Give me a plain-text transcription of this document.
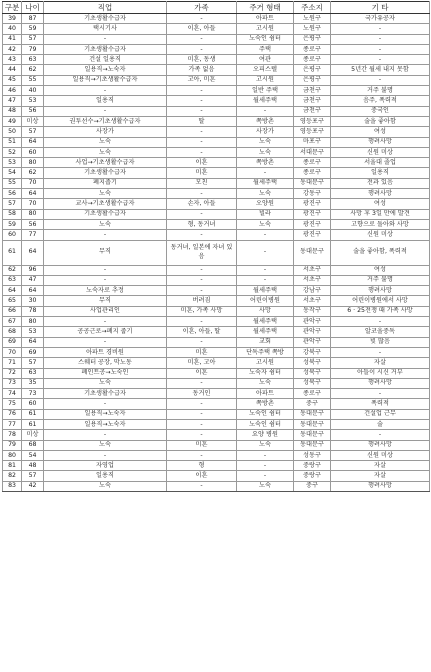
구분	나이	직업	가족	주거 형태	주소지	기 타
39	87	기초생활수급자	-	아파트	노원구	국가유공자
40	59	택시기사	이혼, 아들	고시원	노원구	-
41	57	-	-	노숙인 쉼터	은평구	-
42	79	기초생활수급자	-	주택	종로구	-
43	63	건설 일용직	미혼, 동생	여관	종로구	-
44	62	일용직→노숙자	가족 없음	오피스텔	은평구	5년간 월세 내지 못함
45	55	일용직→기초생활수급자	고아, 미혼	고시원	은평구	-
46	40	-	-	일반 주택	금천구	거주 불명
47	53	일용직	-	월세주택	금천구	음주, 폭력적
48	56	-	-	-	금천구	중국인
49	미상	권투선수→기초생활수급자	딸	쪽방촌	영등포구	술을 좋아함
50	57	사장가	-	사장가	영등포구	여성
51	64	노숙	-	노숙	마포구	행려사망
52	60	노숙	-	노숙	서대문구	신원 미상
53	80	사업→기초생활수급자	이혼	쪽방촌	종로구	서울대 졸업
54	62	기초생활수급자	미혼	-	종로구	일용직
55	70	폐지줍기	모친	월세주택	동대문구	전과 있음
56	64	노숙	-	노숙	강동구	행려사망
57	70	교사→기초생활수급자	손자, 아들	오양원	광진구	여성
58	80	기초생활수급자	-	빌라	광진구	사망 후 3일 만에 발견
59	56	노숙	형, 동거녀	노숙	광진구	고향으로 돌아와 사망
60	77	-	-	-	광진구	신원 미상
61	64	무직	동거녀, 일본에 자녀 있음	-	동대문구	술을 좋아함, 폭력적
62	96	-	-	-	서초구	여성
63	47	-	-	-	서초구	거주 불명
64	64	노숙자로 추정	-	월세주택	강남구	행려사망
65	30	무직	버려짐	어린이병원	서초구	어린이병원에서 사망
66	78	사업관리인	미혼, 가족 사망	사망	동작구	6 · 25전쟁 때 가족 사망
67	80	-	-	월세주택	관악구	-
68	53	공공근로→폐지 줍기	이혼, 아들, 딸	월세주택	관악구	알코올중독
69	64	-	-	교회	관악구	빚 많음
70	69	아파트 경비원	미혼	단독주택 쪽방	강북구	-
71	57	스웨터 공장, 막노동	미혼, 고아	고시원	성북구	자살
72	63	폐인트공→노숙인	이혼	노숙자 쉼터	성북구	아들이 시신 거부
73	35	노숙	-	노숙	성북구	행려사망
74	73	기초생활수급자	동거인	아파트	종로구	-
75	60	-	-	쪽방촌	중구	폭력적
76	61	일용직→노숙자	-	노숙인 쉼터	동대문구	건설업 근무
77	61	일용직→노숙자	-	노숙인 쉼터	동대문구	술
78	미상	-	-	요양 병원	동대문구	-
79	68	노숙	미혼	노숙	동대문구	행려사망
80	54	-	-	-	성동구	신원 미상
81	48	자영업	형	-	중랑구	자살
82	57	일용직	이혼	-	중랑구	자살
83	42	노숙	-	노숙	중구	행려사망
